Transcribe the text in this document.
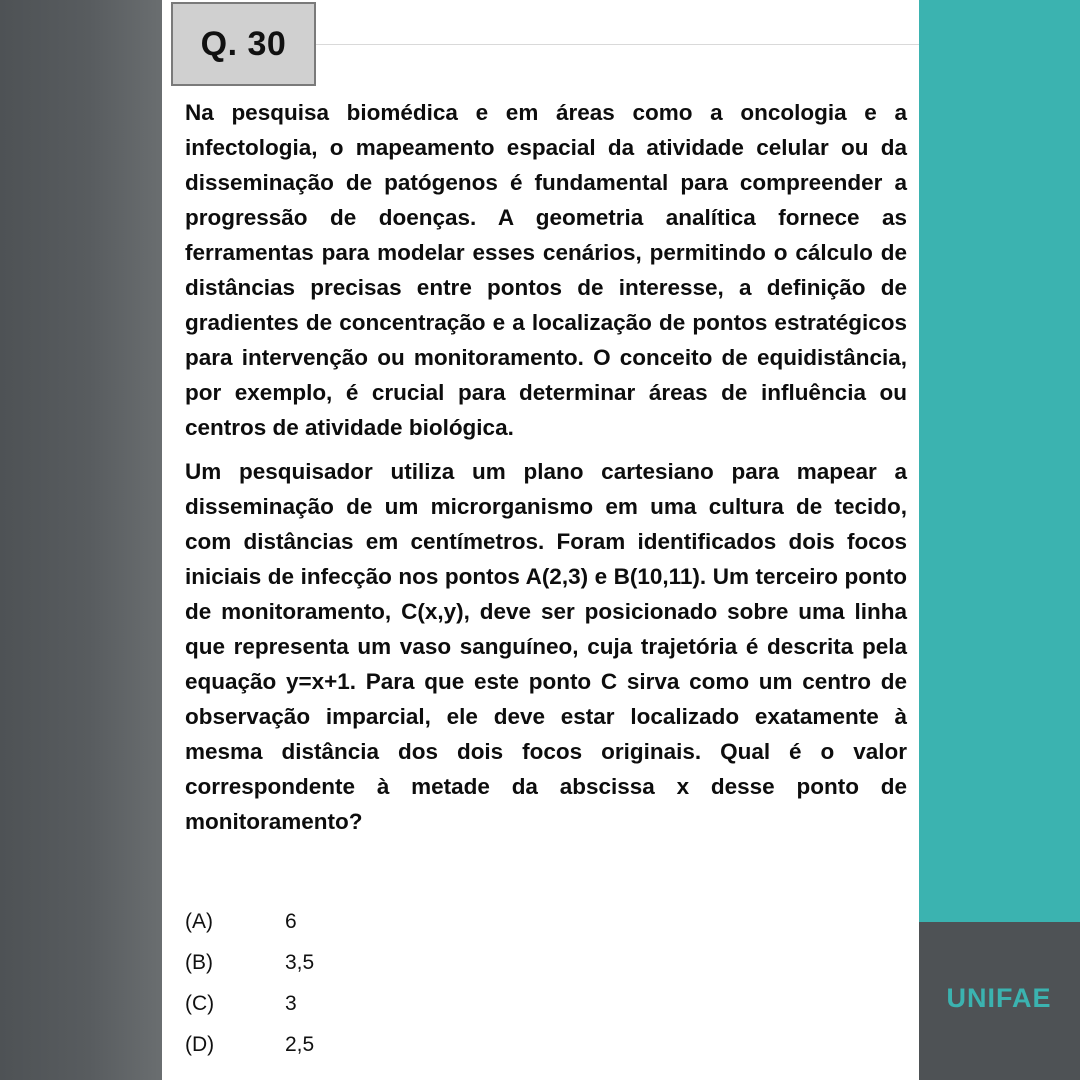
UNIFAE
Q. 30

Na pesquisa biomédica e em áreas como a oncologia e a infectologia, o mapeamento espacial da atividade celular ou da disseminação de patógenos é fundamental para compreender a progressão de doenças. A geometria analítica fornece as ferramentas para modelar esses cenários, permitindo o cálculo de distâncias precisas entre pontos de interesse, a definição de gradientes de concentração e a localização de pontos estratégicos para intervenção ou monitoramento. O conceito de equidistância, por exemplo, é crucial para determinar áreas de influência ou centros de atividade biológica.

Um pesquisador utiliza um plano cartesiano para mapear a disseminação de um microrganismo em uma cultura de tecido, com distâncias em centímetros. Foram identificados dois focos iniciais de infecção nos pontos A(2,3) e B(10,11). Um terceiro ponto de monitoramento, C(x,y), deve ser posicionado sobre uma linha que representa um vaso sanguíneo, cuja trajetória é descrita pela equação y=x+1. Para que este ponto C sirva como um centro de observação imparcial, ele deve estar localizado exatamente à mesma distância dos dois focos originais. Qual é o valor correspondente à metade da abscissa x desse ponto de monitoramento?

(A)	6
(B)	3,5
(C)	3
(D)	2,5
